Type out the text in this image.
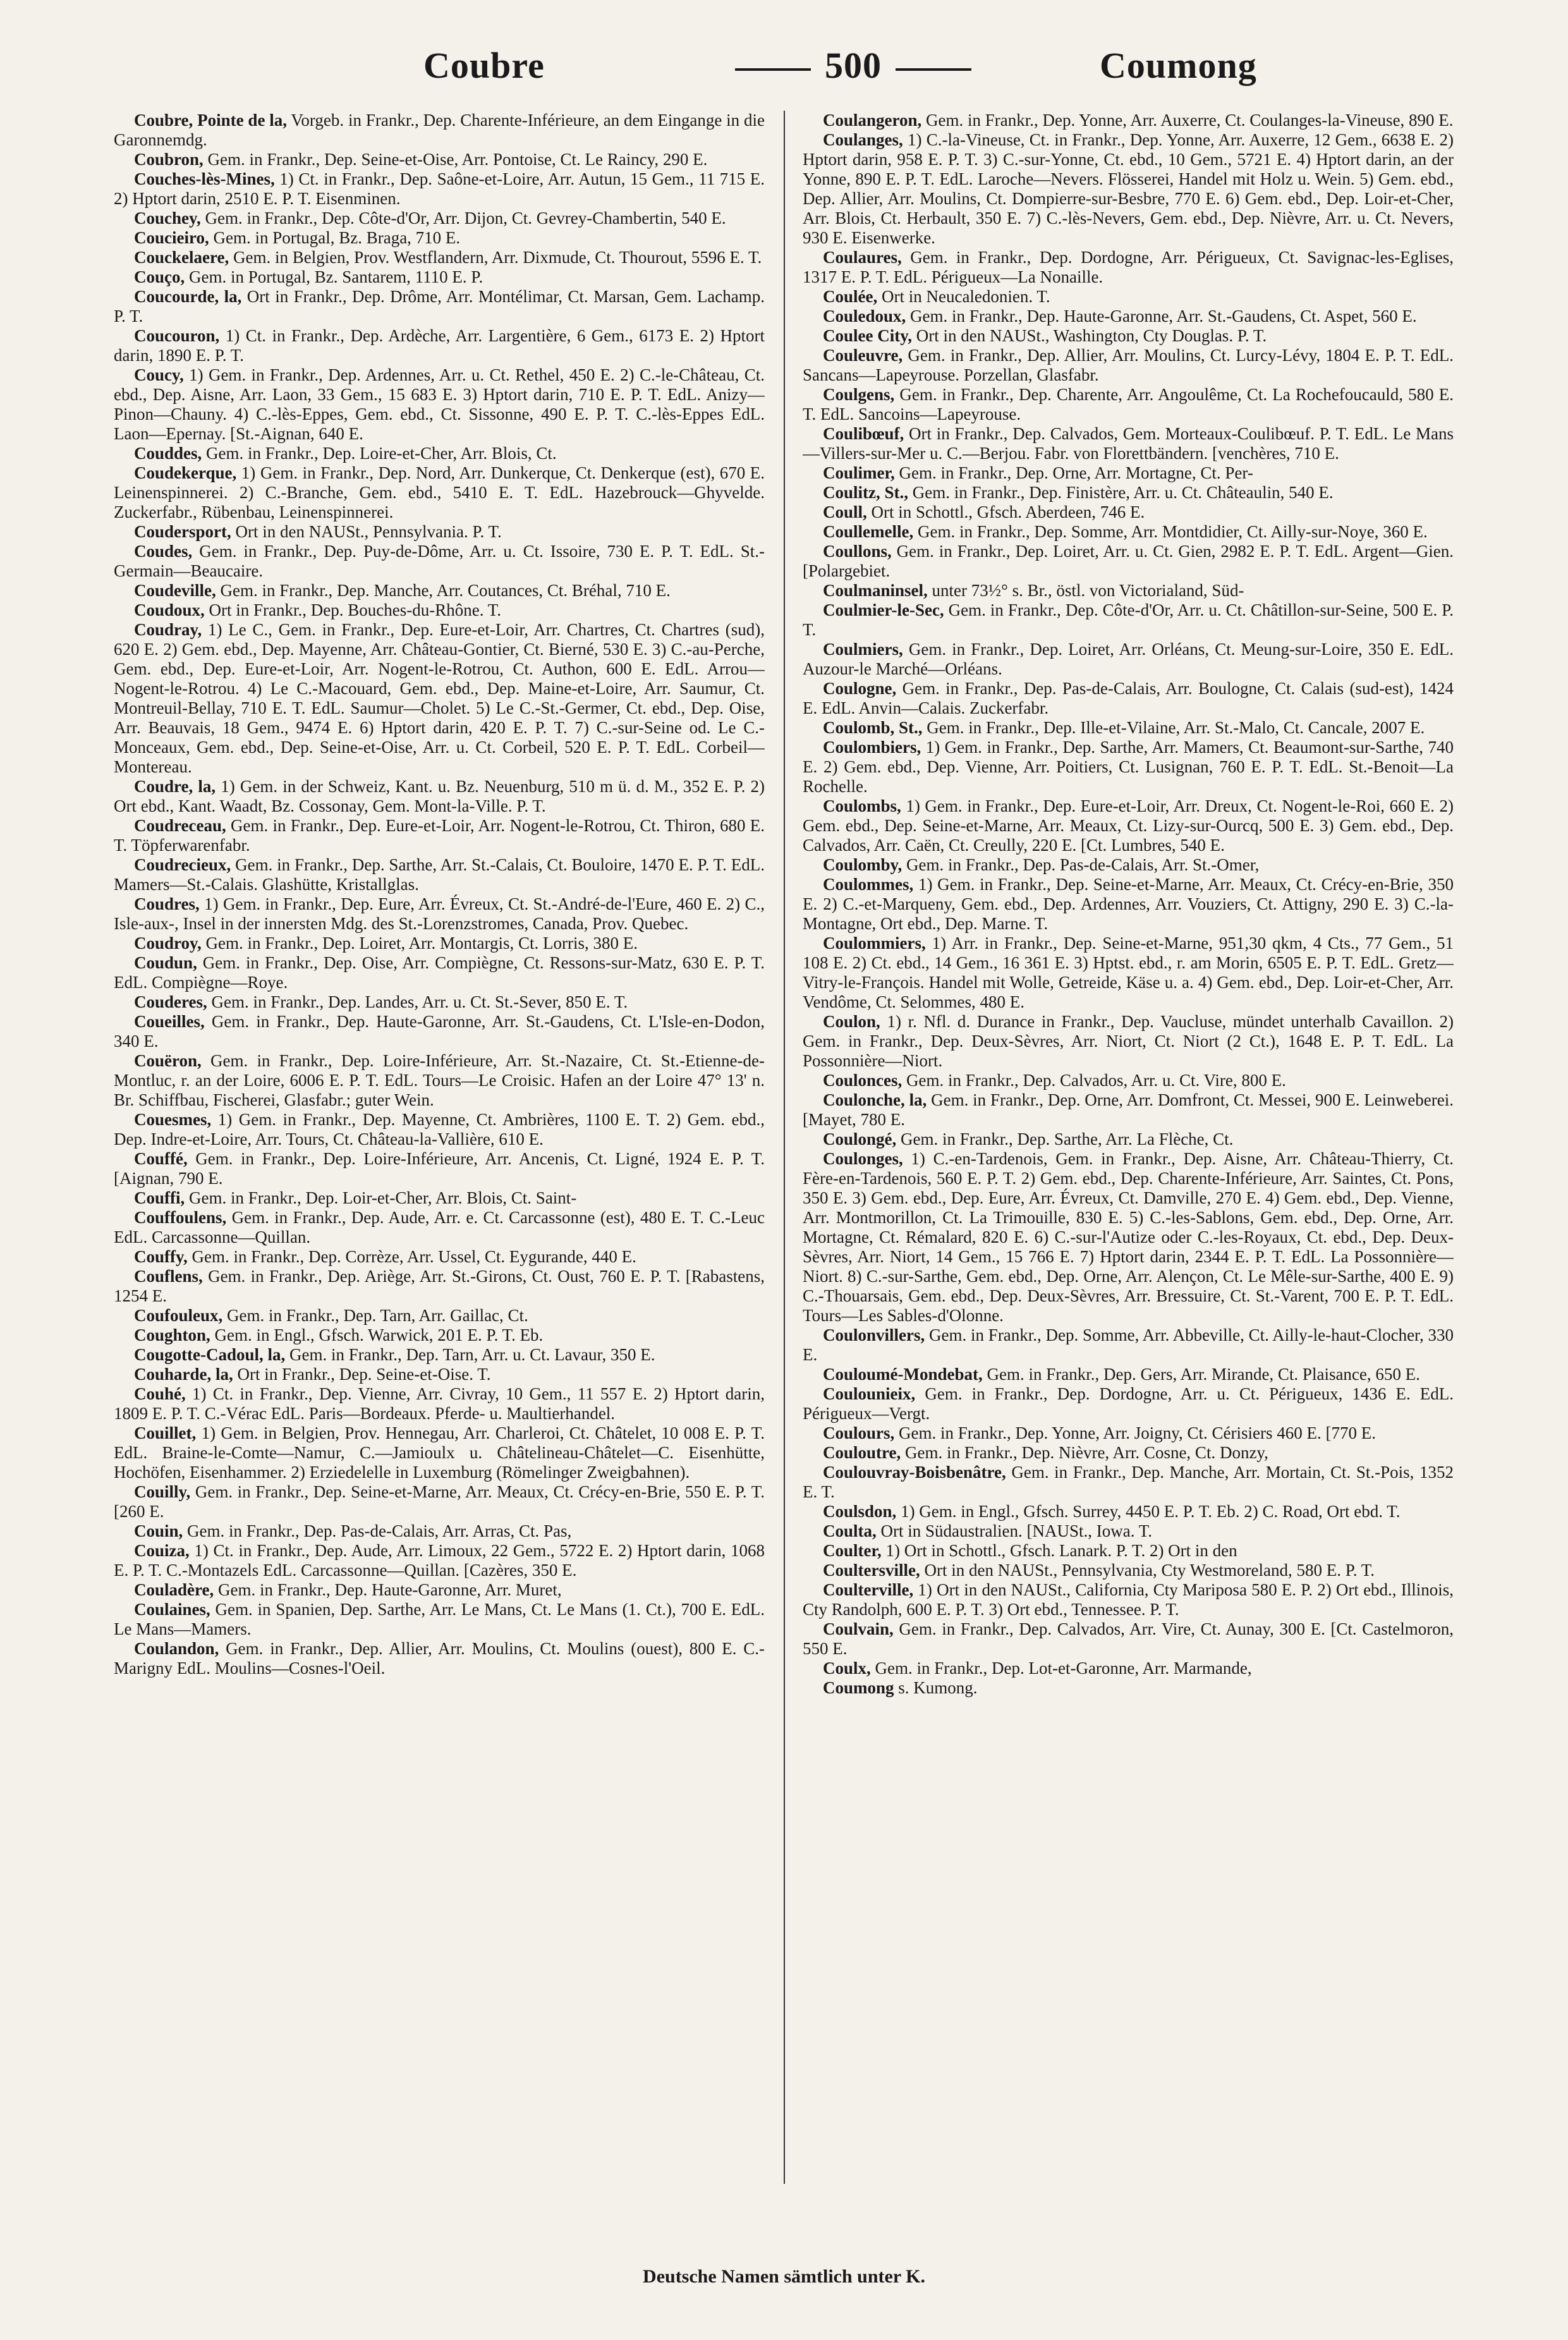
Coubre	500	Coumong

Coubre, Pointe de la, Vorgeb. in Frankr., Dep. Charente-Inférieure, an dem Eingange in die Garonnemdg.

Coubron, Gem. in Frankr., Dep. Seine-et-Oise, Arr. Pontoise, Ct. Le Raincy, 290 E.

Couches-lès-Mines, 1) Ct. in Frankr., Dep. Saône-et-Loire, Arr. Autun, 15 Gem., 11 715 E. 2) Hptort darin, 2510 E. P. T. Eisenminen.

Couchey, Gem. in Frankr., Dep. Côte-d'Or, Arr. Dijon, Ct. Gevrey-Chambertin, 540 E.

Coucieiro, Gem. in Portugal, Bz. Braga, 710 E.

Couckelaere, Gem. in Belgien, Prov. Westflandern, Arr. Dixmude, Ct. Thourout, 5596 E. T.

Couço, Gem. in Portugal, Bz. Santarem, 1110 E. P.

Coucourde, la, Ort in Frankr., Dep. Drôme, Arr. Montélimar, Ct. Marsan, Gem. Lachamp. P. T.

Coucouron, 1) Ct. in Frankr., Dep. Ardèche, Arr. Largentière, 6 Gem., 6173 E. 2) Hptort darin, 1890 E. P. T.

Coucy, 1) Gem. in Frankr., Dep. Ardennes, Arr. u. Ct. Rethel, 450 E. 2) C.-le-Château, Ct. ebd., Dep. Aisne, Arr. Laon, 33 Gem., 15 683 E. 3) Hptort darin, 710 E. P. T. EdL. Anizy—Pinon—Chauny. 4) C.-lès-Eppes, Gem. ebd., Ct. Sissonne, 490 E. P. T. C.-lès-Eppes EdL. Laon—Epernay. [St.-Aignan, 640 E.

Couddes, Gem. in Frankr., Dep. Loire-et-Cher, Arr. Blois, Ct.

Coudekerque, 1) Gem. in Frankr., Dep. Nord, Arr. Dunkerque, Ct. Denkerque (est), 670 E. Leinenspinnerei. 2) C.-Branche, Gem. ebd., 5410 E. T. EdL. Hazebrouck—Ghyvelde. Zuckerfabr., Rübenbau, Leinenspinnerei.

Coudersport, Ort in den NAUSt., Pennsylvania. P. T.

Coudes, Gem. in Frankr., Dep. Puy-de-Dôme, Arr. u. Ct. Issoire, 730 E. P. T. EdL. St.-Germain—Beaucaire.

Coudeville, Gem. in Frankr., Dep. Manche, Arr. Coutances, Ct. Bréhal, 710 E.

Coudoux, Ort in Frankr., Dep. Bouches-du-Rhône. T.

Coudray, 1) Le C., Gem. in Frankr., Dep. Eure-et-Loir, Arr. Chartres, Ct. Chartres (sud), 620 E. 2) Gem. ebd., Dep. Mayenne, Arr. Château-Gontier, Ct. Bierné, 530 E. 3) C.-au-Perche, Gem. ebd., Dep. Eure-et-Loir, Arr. Nogent-le-Rotrou, Ct. Authon, 600 E. EdL. Arrou—Nogent-le-Rotrou. 4) Le C.-Macouard, Gem. ebd., Dep. Maine-et-Loire, Arr. Saumur, Ct. Montreuil-Bellay, 710 E. T. EdL. Saumur—Cholet. 5) Le C.-St.-Germer, Ct. ebd., Dep. Oise, Arr. Beauvais, 18 Gem., 9474 E. 6) Hptort darin, 420 E. P. T. 7) C.-sur-Seine od. Le C.-Monceaux, Gem. ebd., Dep. Seine-et-Oise, Arr. u. Ct. Corbeil, 520 E. P. T. EdL. Corbeil—Montereau.

Coudre, la, 1) Gem. in der Schweiz, Kant. u. Bz. Neuenburg, 510 m ü. d. M., 352 E. P. 2) Ort ebd., Kant. Waadt, Bz. Cossonay, Gem. Mont-la-Ville. P. T.

Coudreceau, Gem. in Frankr., Dep. Eure-et-Loir, Arr. Nogent-le-Rotrou, Ct. Thiron, 680 E. T. Töpferwarenfabr.

Coudrecieux, Gem. in Frankr., Dep. Sarthe, Arr. St.-Calais, Ct. Bouloire, 1470 E. P. T. EdL. Mamers—St.-Calais. Glashütte, Kristallglas.

Coudres, 1) Gem. in Frankr., Dep. Eure, Arr. Évreux, Ct. St.-André-de-l'Eure, 460 E. 2) C., Isle-aux-, Insel in der innersten Mdg. des St.-Lorenzstromes, Canada, Prov. Quebec.

Coudroy, Gem. in Frankr., Dep. Loiret, Arr. Montargis, Ct. Lorris, 380 E.

Coudun, Gem. in Frankr., Dep. Oise, Arr. Compiègne, Ct. Ressons-sur-Matz, 630 E. P. T. EdL. Compiègne—Roye.

Couderes, Gem. in Frankr., Dep. Landes, Arr. u. Ct. St.-Sever, 850 E. T.

Coueilles, Gem. in Frankr., Dep. Haute-Garonne, Arr. St.-Gaudens, Ct. L'Isle-en-Dodon, 340 E.

Couëron, Gem. in Frankr., Dep. Loire-Inférieure, Arr. St.-Nazaire, Ct. St.-Etienne-de-Montluc, r. an der Loire, 6006 E. P. T. EdL. Tours—Le Croisic. Hafen an der Loire 47° 13' n. Br. Schiffbau, Fischerei, Glasfabr.; guter Wein.

Couesmes, 1) Gem. in Frankr., Dep. Mayenne, Ct. Ambrières, 1100 E. T. 2) Gem. ebd., Dep. Indre-et-Loire, Arr. Tours, Ct. Château-la-Vallière, 610 E.

Couffé, Gem. in Frankr., Dep. Loire-Inférieure, Arr. Ancenis, Ct. Ligné, 1924 E. P. T. [Aignan, 790 E.

Couffi, Gem. in Frankr., Dep. Loir-et-Cher, Arr. Blois, Ct. Saint-

Couffoulens, Gem. in Frankr., Dep. Aude, Arr. e. Ct. Carcassonne (est), 480 E. T. C.-Leuc EdL. Carcassonne—Quillan.

Couffy, Gem. in Frankr., Dep. Corrèze, Arr. Ussel, Ct. Eygurande, 440 E.

Couflens, Gem. in Frankr., Dep. Ariège, Arr. St.-Girons, Ct. Oust, 760 E. P. T. [Rabastens, 1254 E.

Coufouleux, Gem. in Frankr., Dep. Tarn, Arr. Gaillac, Ct.

Coughton, Gem. in Engl., Gfsch. Warwick, 201 E. P. T. Eb.

Cougotte-Cadoul, la, Gem. in Frankr., Dep. Tarn, Arr. u. Ct. Lavaur, 350 E.

Couharde, la, Ort in Frankr., Dep. Seine-et-Oise. T.

Couhé, 1) Ct. in Frankr., Dep. Vienne, Arr. Civray, 10 Gem., 11 557 E. 2) Hptort darin, 1809 E. P. T. C.-Vérac EdL. Paris—Bordeaux. Pferde- u. Maultierhandel.

Couillet, 1) Gem. in Belgien, Prov. Hennegau, Arr. Charleroi, Ct. Châtelet, 10 008 E. P. T. EdL. Braine-le-Comte—Namur, C.—Jamioulx u. Châtelineau-Châtelet—C. Eisenhütte, Hochöfen, Eisenhammer. 2) Erziedelelle in Luxemburg (Römelinger Zweigbahnen).

Couilly, Gem. in Frankr., Dep. Seine-et-Marne, Arr. Meaux, Ct. Crécy-en-Brie, 550 E. P. T. [260 E.

Couin, Gem. in Frankr., Dep. Pas-de-Calais, Arr. Arras, Ct. Pas,

Couiza, 1) Ct. in Frankr., Dep. Aude, Arr. Limoux, 22 Gem., 5722 E. 2) Hptort darin, 1068 E. P. T. C.-Montazels EdL. Carcassonne—Quillan. [Cazères, 350 E.

Couladère, Gem. in Frankr., Dep. Haute-Garonne, Arr. Muret,

Coulaines, Gem. in Spanien, Dep. Sarthe, Arr. Le Mans, Ct. Le Mans (1. Ct.), 700 E. EdL. Le Mans—Mamers.

Coulandon, Gem. in Frankr., Dep. Allier, Arr. Moulins, Ct. Moulins (ouest), 800 E. C.-Marigny EdL. Moulins—Cosnes-l'Oeil.

Coulangeron, Gem. in Frankr., Dep. Yonne, Arr. Auxerre, Ct. Coulanges-la-Vineuse, 890 E.

Coulanges, 1) C.-la-Vineuse, Ct. in Frankr., Dep. Yonne, Arr. Auxerre, 12 Gem., 6638 E. 2) Hptort darin, 958 E. P. T. 3) C.-sur-Yonne, Ct. ebd., 10 Gem., 5721 E. 4) Hptort darin, an der Yonne, 890 E. P. T. EdL. Laroche—Nevers. Flösserei, Handel mit Holz u. Wein. 5) Gem. ebd., Dep. Allier, Arr. Moulins, Ct. Dompierre-sur-Besbre, 770 E. 6) Gem. ebd., Dep. Loir-et-Cher, Arr. Blois, Ct. Herbault, 350 E. 7) C.-lès-Nevers, Gem. ebd., Dep. Nièvre, Arr. u. Ct. Nevers, 930 E. Eisenwerke.

Coulaures, Gem. in Frankr., Dep. Dordogne, Arr. Périgueux, Ct. Savignac-les-Eglises, 1317 E. P. T. EdL. Périgueux—La Nonaille.

Coulée, Ort in Neucaledonien. T.

Couledoux, Gem. in Frankr., Dep. Haute-Garonne, Arr. St.-Gaudens, Ct. Aspet, 560 E.

Coulee City, Ort in den NAUSt., Washington, Cty Douglas. P. T.

Couleuvre, Gem. in Frankr., Dep. Allier, Arr. Moulins, Ct. Lurcy-Lévy, 1804 E. P. T. EdL. Sancans—Lapeyrouse. Porzellan, Glasfabr.

Coulgens, Gem. in Frankr., Dep. Charente, Arr. Angoulême, Ct. La Rochefoucauld, 580 E. T. EdL. Sancoins—Lapeyrouse.

Coulibœuf, Ort in Frankr., Dep. Calvados, Gem. Morteaux-Coulibœuf. P. T. EdL. Le Mans—Villers-sur-Mer u. C.—Berjou. Fabr. von Florettbändern. [venchères, 710 E.

Coulimer, Gem. in Frankr., Dep. Orne, Arr. Mortagne, Ct. Per-

Coulitz, St., Gem. in Frankr., Dep. Finistère, Arr. u. Ct. Châteaulin, 540 E.

Coull, Ort in Schottl., Gfsch. Aberdeen, 746 E.

Coullemelle, Gem. in Frankr., Dep. Somme, Arr. Montdidier, Ct. Ailly-sur-Noye, 360 E.

Coullons, Gem. in Frankr., Dep. Loiret, Arr. u. Ct. Gien, 2982 E. P. T. EdL. Argent—Gien. [Polargebiet.

Coulmaninsel, unter 73½° s. Br., östl. von Victorialand, Süd-

Coulmier-le-Sec, Gem. in Frankr., Dep. Côte-d'Or, Arr. u. Ct. Châtillon-sur-Seine, 500 E. P. T.

Coulmiers, Gem. in Frankr., Dep. Loiret, Arr. Orléans, Ct. Meung-sur-Loire, 350 E. EdL. Auzour-le Marché—Orléans.

Coulogne, Gem. in Frankr., Dep. Pas-de-Calais, Arr. Boulogne, Ct. Calais (sud-est), 1424 E. EdL. Anvin—Calais. Zuckerfabr.

Coulomb, St., Gem. in Frankr., Dep. Ille-et-Vilaine, Arr. St.-Malo, Ct. Cancale, 2007 E.

Coulombiers, 1) Gem. in Frankr., Dep. Sarthe, Arr. Mamers, Ct. Beaumont-sur-Sarthe, 740 E. 2) Gem. ebd., Dep. Vienne, Arr. Poitiers, Ct. Lusignan, 760 E. P. T. EdL. St.-Benoit—La Rochelle.

Coulombs, 1) Gem. in Frankr., Dep. Eure-et-Loir, Arr. Dreux, Ct. Nogent-le-Roi, 660 E. 2) Gem. ebd., Dep. Seine-et-Marne, Arr. Meaux, Ct. Lizy-sur-Ourcq, 500 E. 3) Gem. ebd., Dep. Calvados, Arr. Caën, Ct. Creully, 220 E. [Ct. Lumbres, 540 E.

Coulomby, Gem. in Frankr., Dep. Pas-de-Calais, Arr. St.-Omer,

Coulommes, 1) Gem. in Frankr., Dep. Seine-et-Marne, Arr. Meaux, Ct. Crécy-en-Brie, 350 E. 2) C.-et-Marqueny, Gem. ebd., Dep. Ardennes, Arr. Vouziers, Ct. Attigny, 290 E. 3) C.-la-Montagne, Ort ebd., Dep. Marne. T.

Coulommiers, 1) Arr. in Frankr., Dep. Seine-et-Marne, 951,30 qkm, 4 Cts., 77 Gem., 51 108 E. 2) Ct. ebd., 14 Gem., 16 361 E. 3) Hptst. ebd., r. am Morin, 6505 E. P. T. EdL. Gretz—Vitry-le-François. Handel mit Wolle, Getreide, Käse u. a. 4) Gem. ebd., Dep. Loir-et-Cher, Arr. Vendôme, Ct. Selommes, 480 E.

Coulon, 1) r. Nfl. d. Durance in Frankr., Dep. Vaucluse, mündet unterhalb Cavaillon. 2) Gem. in Frankr., Dep. Deux-Sèvres, Arr. Niort, Ct. Niort (2 Ct.), 1648 E. P. T. EdL. La Possonnière—Niort.

Coulonces, Gem. in Frankr., Dep. Calvados, Arr. u. Ct. Vire, 800 E.

Coulonche, la, Gem. in Frankr., Dep. Orne, Arr. Domfront, Ct. Messei, 900 E. Leinweberei. [Mayet, 780 E.

Coulongé, Gem. in Frankr., Dep. Sarthe, Arr. La Flèche, Ct.

Coulonges, 1) C.-en-Tardenois, Gem. in Frankr., Dep. Aisne, Arr. Château-Thierry, Ct. Fère-en-Tardenois, 560 E. P. T. 2) Gem. ebd., Dep. Charente-Inférieure, Arr. Saintes, Ct. Pons, 350 E. 3) Gem. ebd., Dep. Eure, Arr. Évreux, Ct. Damville, 270 E. 4) Gem. ebd., Dep. Vienne, Arr. Montmorillon, Ct. La Trimouille, 830 E. 5) C.-les-Sablons, Gem. ebd., Dep. Orne, Arr. Mortagne, Ct. Rémalard, 820 E. 6) C.-sur-l'Autize oder C.-les-Royaux, Ct. ebd., Dep. Deux-Sèvres, Arr. Niort, 14 Gem., 15 766 E. 7) Hptort darin, 2344 E. P. T. EdL. La Possonnière—Niort. 8) C.-sur-Sarthe, Gem. ebd., Dep. Orne, Arr. Alençon, Ct. Le Mêle-sur-Sarthe, 400 E. 9) C.-Thouarsais, Gem. ebd., Dep. Deux-Sèvres, Arr. Bressuire, Ct. St.-Varent, 700 E. P. T. EdL. Tours—Les Sables-d'Olonne.

Coulonvillers, Gem. in Frankr., Dep. Somme, Arr. Abbeville, Ct. Ailly-le-haut-Clocher, 330 E.

Couloumé-Mondebat, Gem. in Frankr., Dep. Gers, Arr. Mirande, Ct. Plaisance, 650 E.

Coulounieix, Gem. in Frankr., Dep. Dordogne, Arr. u. Ct. Périgueux, 1436 E. EdL. Périgueux—Vergt.

Coulours, Gem. in Frankr., Dep. Yonne, Arr. Joigny, Ct. Cérisiers 460 E. [770 E.

Couloutre, Gem. in Frankr., Dep. Nièvre, Arr. Cosne, Ct. Donzy,

Coulouvray-Boisbenâtre, Gem. in Frankr., Dep. Manche, Arr. Mortain, Ct. St.-Pois, 1352 E. T.

Coulsdon, 1) Gem. in Engl., Gfsch. Surrey, 4450 E. P. T. Eb. 2) C. Road, Ort ebd. T.

Coulta, Ort in Südaustralien. [NAUSt., Iowa. T.

Coulter, 1) Ort in Schottl., Gfsch. Lanark. P. T. 2) Ort in den

Coultersville, Ort in den NAUSt., Pennsylvania, Cty Westmoreland, 580 E. P. T.

Coulterville, 1) Ort in den NAUSt., California, Cty Mariposa 580 E. P. 2) Ort ebd., Illinois, Cty Randolph, 600 E. P. T. 3) Ort ebd., Tennessee. P. T.

Coulvain, Gem. in Frankr., Dep. Calvados, Arr. Vire, Ct. Aunay, 300 E. [Ct. Castelmoron, 550 E.

Coulx, Gem. in Frankr., Dep. Lot-et-Garonne, Arr. Marmande,

Coumong s. Kumong.

Deutsche Namen sämtlich unter K.
